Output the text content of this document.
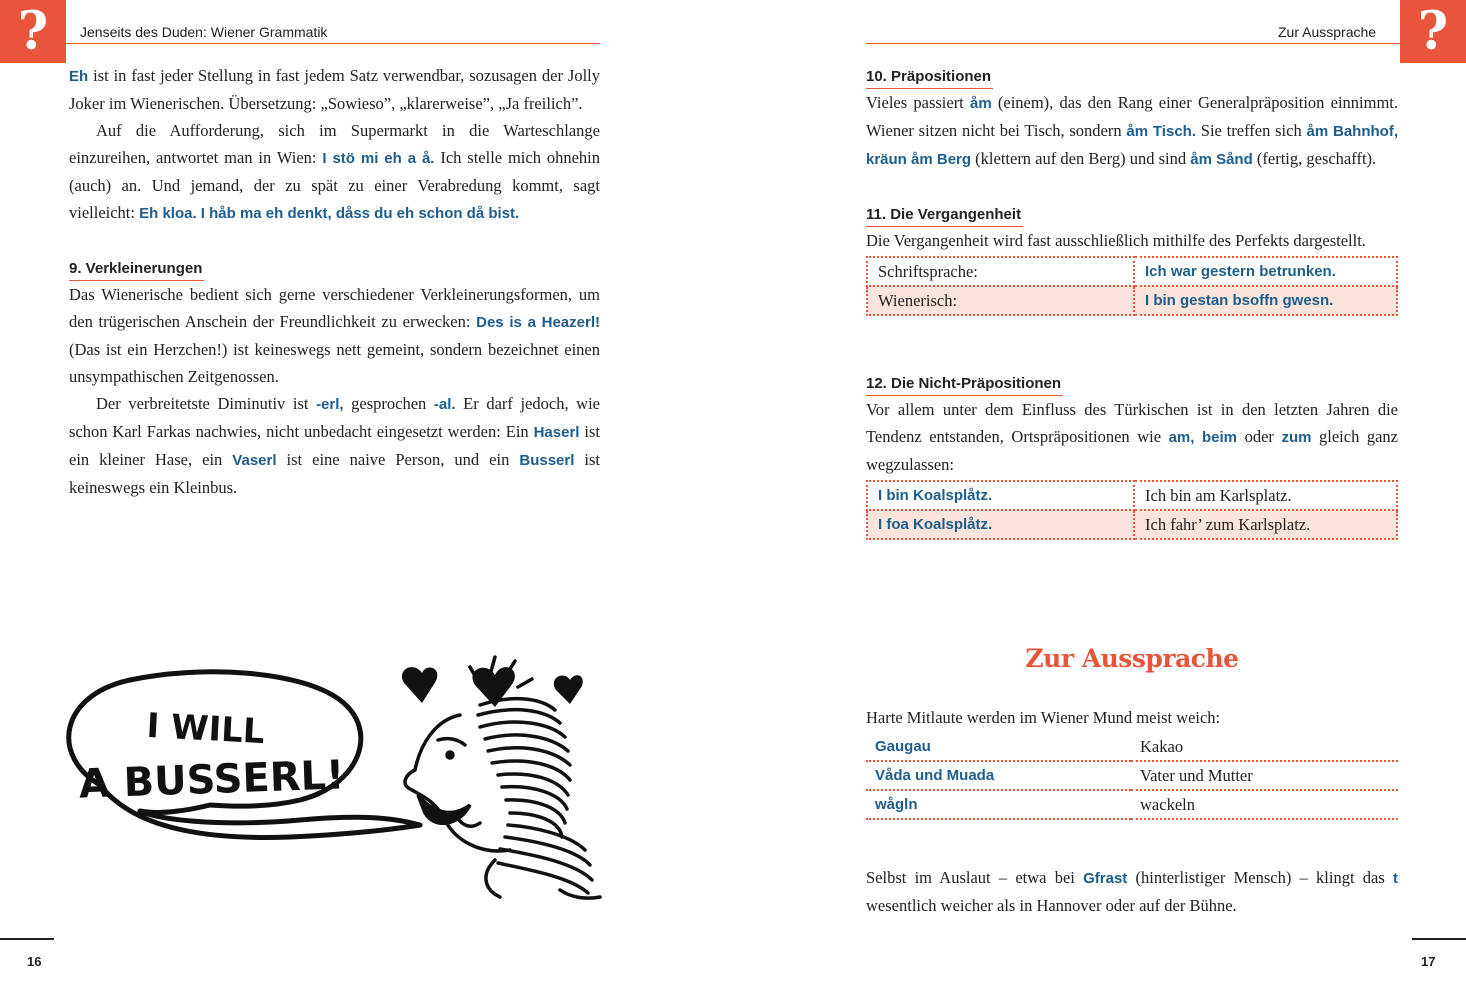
?	Jenseits des Duden: Wiener Grammatik

Eh ist in fast jeder Stellung in fast jedem Satz verwendbar, sozusagen der Jolly Joker im Wienerischen. Übersetzung: „Sowieso”, „klarerweise”, „Ja freilich”.

Auf die Aufforderung, sich im Supermarkt in die Warteschlange einzureihen, antwortet man in Wien: I stö mi eh a å. Ich stelle mich ohnehin (auch) an. Und jemand, der zu spät zu einer Verabredung kommt, sagt vielleicht: Eh kloa. I håb ma eh denkt, dåss du eh schon då bist.

9. Verkleinerungen

Das Wienerische bedient sich gerne verschiedener Verkleinerungsformen, um den trügerischen Anschein der Freundlichkeit zu erwecken: Des is a Heazerl! (Das ist ein Herzchen!) ist keineswegs nett gemeint, sondern bezeichnet einen unsympathischen Zeitgenossen.

Der verbreitetste Diminutiv ist -erl, gesprochen -al. Er darf jedoch, wie schon Karl Farkas nachwies, nicht unbedacht eingesetzt werden: Ein Haserl ist ein kleiner Hase, ein Vaserl ist eine naive Person, und ein Busserl ist keineswegs ein Kleinbus.

I WILL
A BUSSERL!
16
?
Zur Aussprache

10. Präpositionen

Vieles passiert åm (einem), das den Rang einer Generalpräposition einnimmt. Wiener sitzen nicht bei Tisch, sondern åm Tisch. Sie treffen sich åm Bahnhof, kräun åm Berg (klettern auf den Berg) und sind åm Sånd (fertig, geschafft).

11. Die Vergangenheit

Die Vergangenheit wird fast ausschließlich mithilfe des Perfekts dargestellt.

Schriftsprache:	Ich war gestern betrunken.
Wienerisch:	I bin gestan bsoffn gwesn.

12. Die Nicht-Präpositionen

Vor allem unter dem Einfluss des Türkischen ist in den letzten Jahren die Tendenz entstanden, Ortspräpositionen wie am, beim oder zum gleich ganz wegzulassen:

I bin Koalsplåtz.	Ich bin am Karlsplatz.
I foa Koalsplåtz.	Ich fahr’ zum Karlsplatz.
Zur Aussprache

Harte Mitlaute werden im Wiener Mund meist weich:

Gaugau	Kakao
Våda und Muada	Vater und Mutter
wågln	wackeln

Selbst im Auslaut – etwa bei Gfrast (hinterlistiger Mensch) – klingt das t wesentlich weicher als in Hannover oder auf der Bühne.

17
